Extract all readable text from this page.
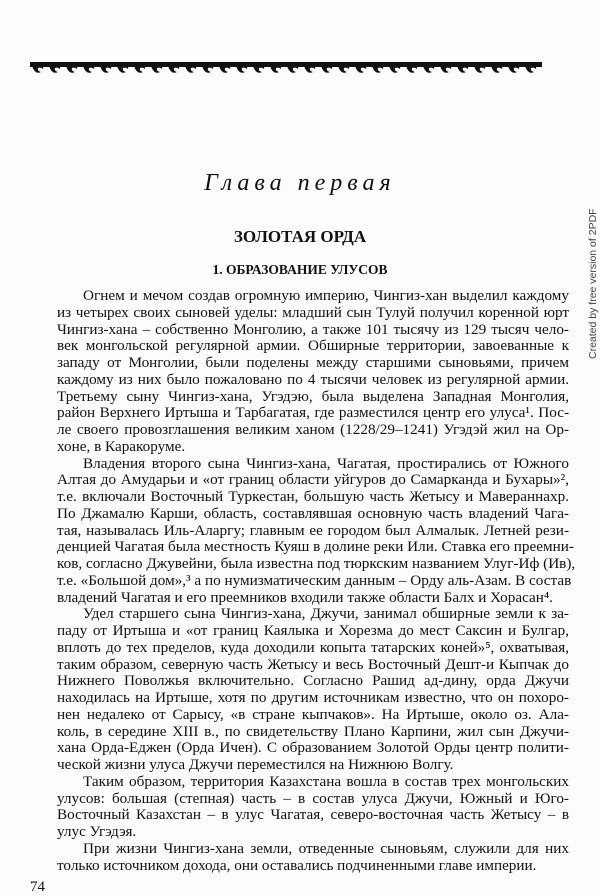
Глава первая
ЗОЛОТАЯ ОРДА
1. ОБРАЗОВАНИЕ УЛУСОВ
Огнем и мечом создав огромную империю, Чингиз-хан выделил каждому
из четырех своих сыновей уделы: младший сын Тулуй получил коренной юрт
Чингиз-хана – собственно Монголию, а также 101 тысячу из 129 тысяч чело-
век монгольской регулярной армии. Обширные территории, завоеванные к
западу от Монголии, были поделены между старшими сыновьями, причем
каждому из них было пожаловано по 4 тысячи человек из регулярной армии.
Третьему сыну Чингиз-хана, Угэдэю, была выделена Западная Монголия,
район Верхнего Иртыша и Тарбагатая, где разместился центр его улуса¹. Пос-
ле своего провозглашения великим ханом (1228/29–1241) Угэдэй жил на Ор-
хоне, в Каракоруме.
Владения второго сына Чингиз-хана, Чагатая, простирались от Южного
Алтая до Амударьи и «от границ области уйгуров до Самарканда и Бухары»²,
т.е. включали Восточный Туркестан, большую часть Жетысу и Мавераннахр.
По Джамалю Карши, область, составлявшая основную часть владений Чага-
тая, называлась Иль-Аларгу; главным ее городом был Алмалык. Летней рези-
денцией Чагатая была местность Куяш в долине реки Или. Ставка его преемни-
ков, согласно Джувейни, была известна под тюркским названием Улуг-Иф (Ив),
т.е. «Большой дом»,³ а по нумизматическим данным – Орду аль-Азам. В состав
владений Чагатая и его преемников входили также области Балх и Хорасан⁴.
Удел старшего сына Чингиз-хана, Джучи, занимал обширные земли к за-
паду от Иртыша и «от границ Каялыка и Хорезма до мест Саксин и Булгар,
вплоть до тех пределов, куда доходили копыта татарских коней»⁵, охватывая,
таким образом, северную часть Жетысу и весь Восточный Дешт-и Кыпчак до
Нижнего Поволжья включительно. Согласно Рашид ад-дину, орда Джучи
находилась на Иртыше, хотя по другим источникам известно, что он похоро-
нен недалеко от Сарысу, «в стране кыпчаков». На Иртыше, около оз. Ала-
коль, в середине XIII в., по свидетельству Плано Карпини, жил сын Джучи-
хана Орда-Еджен (Орда Ичен). С образованием Золотой Орды центр полити-
ческой жизни улуса Джучи переместился на Нижнюю Волгу.
Таким образом, территория Казахстана вошла в состав трех монгольских
улусов: большая (степная) часть – в состав улуса Джучи, Южный и Юго-
Восточный Казахстан – в улус Чагатая, северо-восточная часть Жетысу – в
улус Угэдэя.
При жизни Чингиз-хана земли, отведенные сыновьям, служили для них
только источником дохода, они оставались подчиненными главе империи.
74
Created by free version of 2PDF
